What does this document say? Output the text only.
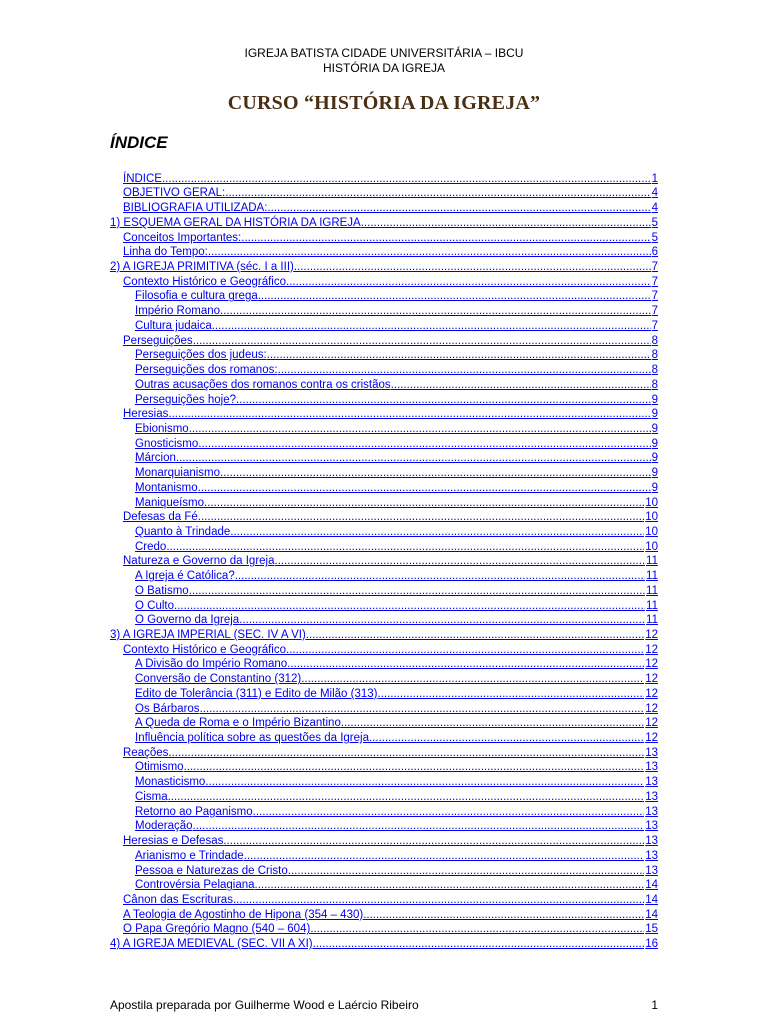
IGREJA BATISTA CIDADE UNIVERSITÁRIA – IBCU
HISTÓRIA DA IGREJA
CURSO “HISTÓRIA DA IGREJA”
ÍNDICE
ÍNDICE .....	1
OBJETIVO GERAL: .....	4
BIBLIOGRAFIA UTILIZADA: .....	4
1) ESQUEMA GERAL DA HISTÓRIA DA IGREJA .....	5
Conceitos Importantes: .....	5
Linha do Tempo: .....	6
2) A IGREJA PRIMITIVA (séc. I a III) .....	7
Contexto Histórico e Geográfico .....	7
Filosofia e cultura grega .....	7
Império Romano .....	7
Cultura judaica .....	7
Perseguições .....	8
Perseguições dos judeus: .....	8
Perseguições dos romanos: .....	8
Outras acusações dos romanos contra os cristãos .....	8
Perseguições hoje? .....	9
Heresias .....	9
Ebionismo .....	9
Gnosticismo .....	9
Márcion .....	9
Monarquianismo .....	9
Montanismo .....	9
Maniqueísmo .....	10
Defesas da Fé .....	10
Quanto à Trindade .....	10
Credo .....	10
Natureza e Governo da Igreja .....	11
A Igreja é Católica? .....	11
O Batismo .....	11
O Culto .....	11
O Governo da Igreja .....	11
3) A IGREJA IMPERIAL (SEC. IV A VI) .....	12
Contexto Histórico e Geográfico .....	12
A Divisão do Império Romano .....	12
Conversão de Constantino (312) .....	12
Edito de Tolerância (311) e Edito de Milão (313) .....	12
Os Bárbaros .....	12
A Queda de Roma e o Império Bizantino .....	12
Influência política sobre as questões da Igreja .....	12
Reações .....	13
Otimismo .....	13
Monasticismo .....	13
Cisma .....	13
Retorno ao Paganismo .....	13
Moderação .....	13
Heresias e Defesas .....	13
Arianismo e Trindade .....	13
Pessoa e Naturezas de Cristo .....	13
Controvérsia Pelagiana .....	14
Cânon das Escrituras .....	14
A Teologia de Agostinho de Hipona (354 – 430) .....	14
O Papa Gregório Magno (540 – 604) .....	15
4) A IGREJA MEDIEVAL (SEC. VII A XI) .....	16
Apostila preparada por Guilherme Wood e Laércio Ribeiro	1
